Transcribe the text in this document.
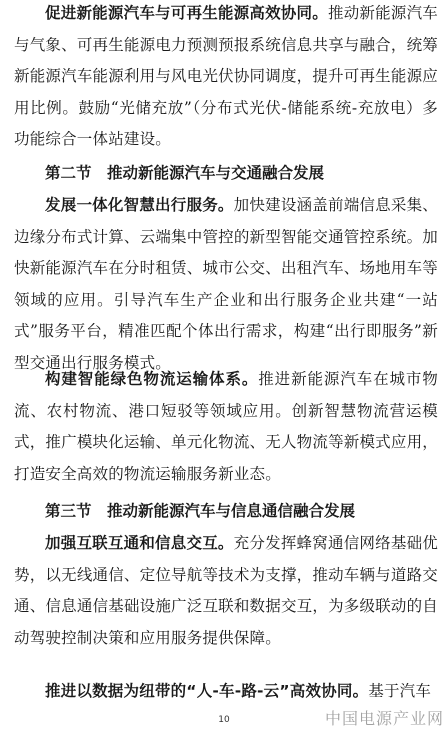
促进新能源汽车与可再生能源高效协同。推动新能源汽车与气象、可再生能源电力预测预报系统信息共享与融合，统筹新能源汽车能源利用与风电光伏协同调度，提升可再生能源应用比例。鼓励“光储充放”（分布式光伏-储能系统-充放电）多功能综合一体站建设。

第二节　推动新能源汽车与交通融合发展

发展一体化智慧出行服务。加快建设涵盖前端信息采集、边缘分布式计算、云端集中管控的新型智能交通管控系统。加快新能源汽车在分时租赁、城市公交、出租汽车、场地用车等领域的应用。引导汽车生产企业和出行服务企业共建“一站式”服务平台，精准匹配个体出行需求，构建“出行即服务”新型交通出行服务模式。

构建智能绿色物流运输体系。推进新能源汽车在城市物流、农村物流、港口短驳等领域应用。创新智慧物流营运模式，推广模块化运输、单元化物流、无人物流等新模式应用，打造安全高效的物流运输服务新业态。

第三节　推动新能源汽车与信息通信融合发展

加强互联互通和信息交互。充分发挥蜂窝通信网络基础优势，以无线通信、定位导航等技术为支撑，推动车辆与道路交通、信息通信基础设施广泛互联和数据交互，为多级联动的自动驾驶控制决策和应用服务提供保障。

推进以数据为纽带的“人-车-路-云”高效协同。基于汽车

10	中国电源产业网
